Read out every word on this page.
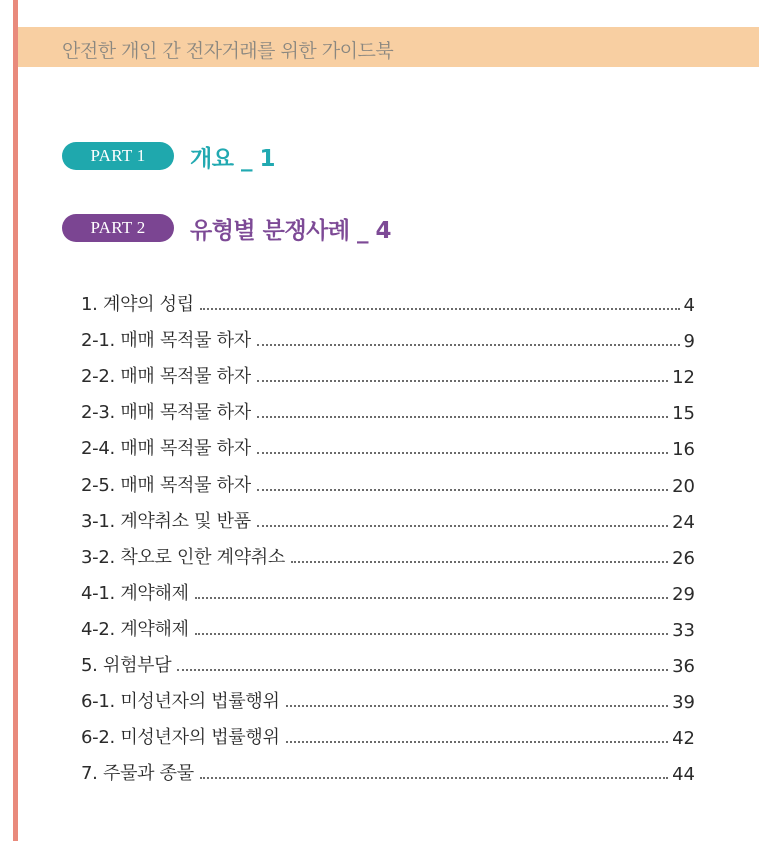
안전한 개인 간 전자거래를 위한 가이드북
PART 1	개요 _ 1
PART 2	유형별 분쟁사례 _ 4
1. 계약의 성립	4
2-1. 매매 목적물 하자	9
2-2. 매매 목적물 하자	12
2-3. 매매 목적물 하자	15
2-4. 매매 목적물 하자	16
2-5. 매매 목적물 하자	20
3-1. 계약취소 및 반품	24
3-2. 착오로 인한 계약취소	26
4-1. 계약해제	29
4-2. 계약해제	33
5. 위험부담	36
6-1. 미성년자의 법률행위	39
6-2. 미성년자의 법률행위	42
7. 주물과 종물	44
